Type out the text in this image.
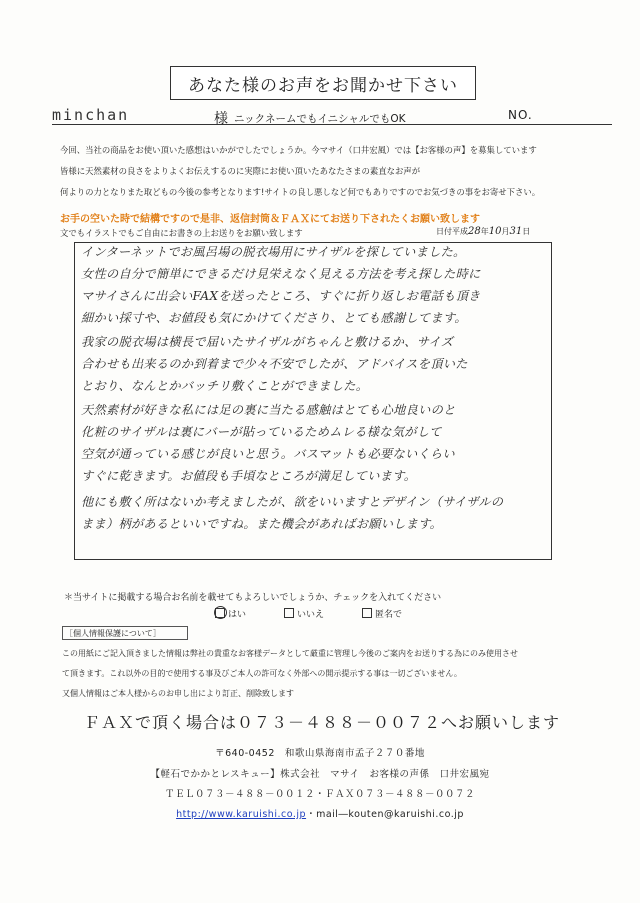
あなた様のお声をお聞かせ下さい
minchan	様 ニックネームでもイニシャルでもOK	NO.
今回、当社の商品をお使い頂いた感想はいかがでしたでしょうか。今マサイ（口井宏風）では【お客様の声】を募集しています
皆様に天然素材の良さをよりよくお伝えするのに実際にお使い頂いたあなたさまの素直なお声が
何よりの力となりまた取どもの今後の参考となります!サイトの良し悪しなど何でもありですのでお気づきの事をお寄せ下さい。
お手の空いた時で結構ですので是非、返信封筒＆ＦＡＸにてお送り下されたくお願い致します
文でもイラストでもご自由にお書きの上お送りをお願い致します	日付平成28年10月31日
インターネットでお風呂場の脱衣場用にサイザルを探していました。
女性の自分で簡単にできるだけ見栄えなく見える方法を考え探した時に
マサイさんに出会いFAXを送ったところ、すぐに折り返しお電話も頂き
細かい採寸や、お値段も気にかけてくださり、とても感謝してます。
我家の脱衣場は横長で届いたサイザルがちゃんと敷けるか、サイズ
合わせも出来るのか到着まで少々不安でしたが、アドバイスを頂いた
とおり、なんとかバッチリ敷くことができました。
天然素材が好きな私には足の裏に当たる感触はとても心地良いのと
化粧のサイザルは裏にバーが貼っているためムレる様な気がして
空気が通っている感じが良いと思う。バスマットも必要ないくらい
すぐに乾きます。お値段も手頃なところが満足しています。
他にも敷く所はないか考えましたが、欲をいいますとデザイン（サイザルの
まま）柄があるといいですね。また機会があればお願いします。
＊当サイトに掲載する場合お名前を載せてもよろしいでしょうか、チェックを入れてください
はい	いいえ	匿名で
［個人情報保護について］
この用紙にご記入頂きました情報は弊社の貴重なお客様データとして厳重に管理し今後のご案内をお送りする為にのみ使用させ
て頂きます。これ以外の目的で使用する事及びご本人の許可なく外部への開示提示する事は一切ございません。
又個人情報はご本人様からのお申し出により訂正、削除致します
ＦＡＸで頂く場合は０７３－４８８－００７２へお願いします
〒640-0452　和歌山県海南市孟子２７０番地
【軽石でかかとレスキュー】株式会社　マサイ　お客様の声係　口井宏風宛
ＴＥＬ０７３－４８８－００１２・ＦＡＸ０７３－４８８－００７２
http://www.karuishi.co.jp・mail―kouten@karuishi.co.jp
